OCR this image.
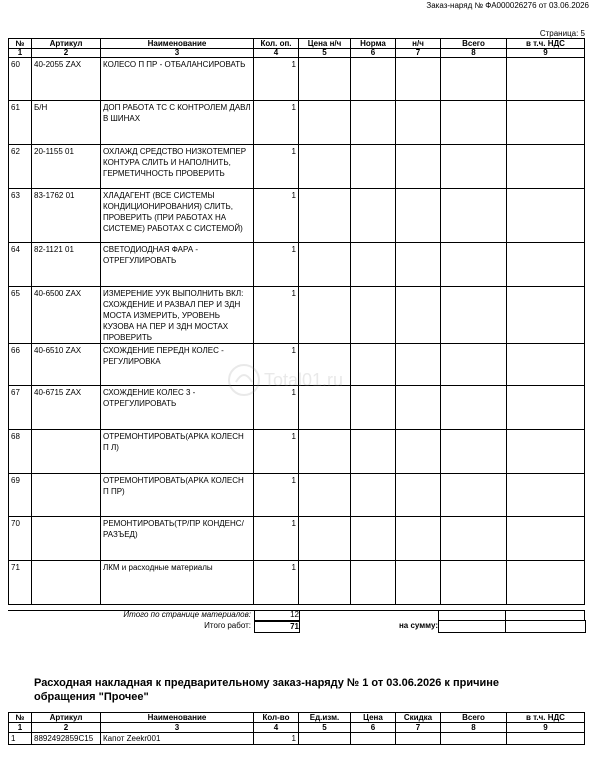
Заказ-наряд № ФА000026276 от 03.06.2026
Страница: 5
№	Артикул	Наименование	Кол. оп.	Цена н/ч	Норма	н/ч	Всего	в т.ч. НДС
1	2	3	4	5	6	7	8	9
60	40-2055 ZAX	КОЛЕСО П ПР - ОТБАЛАНСИРОВАТЬ	1					
61	Б/Н	ДОП РАБОТА ТС С КОНТРОЛЕМ ДАВЛ В ШИНАХ	1					
62	20-1155 01	ОХЛАЖД СРЕДСТВО НИЗКОТЕМПЕР КОНТУРА СЛИТЬ И НАПОЛНИТЬ, ГЕРМЕТИЧНОСТЬ ПРОВЕРИТЬ	1					
63	83-1762 01	ХЛАДАГЕНТ (ВСЕ СИСТЕМЫ КОНДИЦИОНИРОВАНИЯ) СЛИТЬ, ПРОВЕРИТЬ (ПРИ РАБОТАХ НА СИСТЕМЕ) РАБОТАХ С СИСТЕМОЙ)	1					
64	82-1121 01	СВЕТОДИОДНАЯ ФАРА - ОТРЕГУЛИРОВАТЬ	1					
65	40-6500 ZAX	ИЗМЕРЕНИЕ УУК ВЫПОЛНИТЬ ВКЛ: СХОЖДЕНИЕ И РАЗВАЛ ПЕР И ЗДН МОСТА ИЗМЕРИТЬ, УРОВЕНЬ КУЗОВА НА ПЕР И ЗДН МОСТАХ ПРОВЕРИТЬ	1					
66	40-6510 ZAX	СХОЖДЕНИЕ ПЕРЕДН КОЛЕС - РЕГУЛИРОВКА	1					
67	40-6715 ZAX	СХОЖДЕНИЕ КОЛЕС 3 - ОТРЕГУЛИРОВАТЬ	1					
68		ОТРЕМОНТИРОВАТЬ(АРКА КОЛЕСН П Л)	1					
69		ОТРЕМОНТИРОВАТЬ(АРКА КОЛЕСН П ПР)	1					
70		РЕМОНТИРОВАТЬ(ТР/ПР КОНДЕНС/РАЗЪЕД)	1					
71		ЛКМ и расходные материалы	1					
Итого по странице материалов:	12
Итого работ:	71	на сумму:
Расходная накладная к предварительному заказ-наряду № 1 от 03.06.2026 к причине обращения "Прочее"
№	Артикул	Наименование	Кол-во	Ед.изм.	Цена	Скидка	Всего	в т.ч. НДС
1	2	3	4	5	6	7	8	9
1	8892492859C15	Капот Zeekr001	1					
Total01.ru
